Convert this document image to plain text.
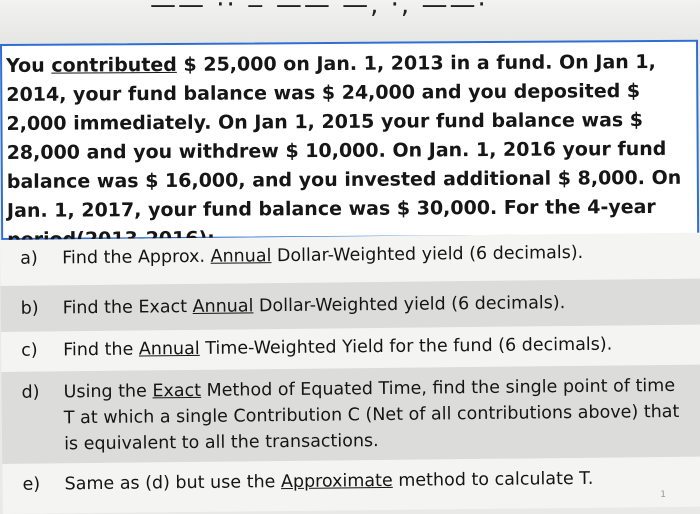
—— ·· ‒ —— —, ·, ——·

You contributed $ 25,000 on Jan. 1, 2013 in a fund. On Jan 1, 2014, your fund balance was $ 24,000 and you deposited $ 2,000 immediately. On Jan 1, 2015 your fund balance was $ 28,000 and you withdrew $ 10,000. On Jan. 1, 2016 your fund balance was $ 16,000, and you invested additional $ 8,000. On Jan. 1, 2017, your fund balance was $ 30,000. For the 4-year

a) Find the Approx. Annual Dollar-Weighted yield (6 decimals).
b) Find the Exact Annual Dollar-Weighted yield (6 decimals).
c) Find the Annual Time-Weighted Yield for the fund (6 decimals).
d) Using the Exact Method of Equated Time, find the single point of time T at which a single Contribution C (Net of all contributions above) that is equivalent to all the transactions.
e) Same as (d) but use the Approximate method to calculate T.
1
